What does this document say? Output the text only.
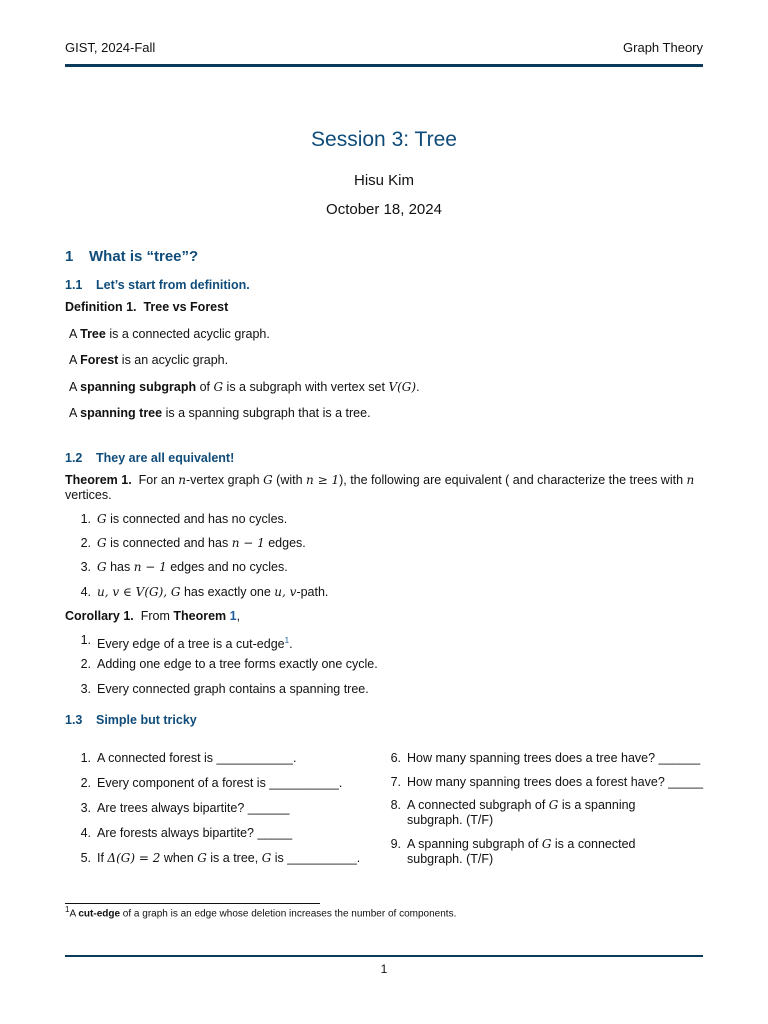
GIST, 2024-Fall	Graph Theory
Session 3: Tree
Hisu Kim
October 18, 2024
1 What is “tree”?
1.1 Let’s start from definition.
Definition 1. Tree vs Forest
A Tree is a connected acyclic graph.
A Forest is an acyclic graph.
A spanning subgraph of G is a subgraph with vertex set V(G).
A spanning tree is a spanning subgraph that is a tree.
1.2 They are all equivalent!
Theorem 1. For an n-vertex graph G (with n ≥ 1), the following are equivalent ( and characterize the trees with n
vertices.
1. G is connected and has no cycles.
2. G is connected and has n − 1 edges.
3. G has n − 1 edges and no cycles.
4. u, v ∈ V(G), G has exactly one u, v-path.
Corollary 1. From Theorem 1,
1. Every edge of a tree is a cut-edge$^1$.
2. Adding one edge to a tree forms exactly one cycle.
3. Every connected graph contains a spanning tree.
1.3 Simple but tricky
1. A connected forest is ___________.
2. Every component of a forest is __________.
3. Are trees always bipartite? ______
4. Are forests always bipartite? _____
5. If Δ(G) = 2 when G is a tree, G is __________.
6. How many spanning trees does a tree have? ______
7. How many spanning trees does a forest have? _____
8. A connected subgraph of G is a spanning subgraph. (T/F)
9. A spanning subgraph of G is a connected subgraph. (T/F)
$^1$A cut-edge of a graph is an edge whose deletion increases the number of components.
1
